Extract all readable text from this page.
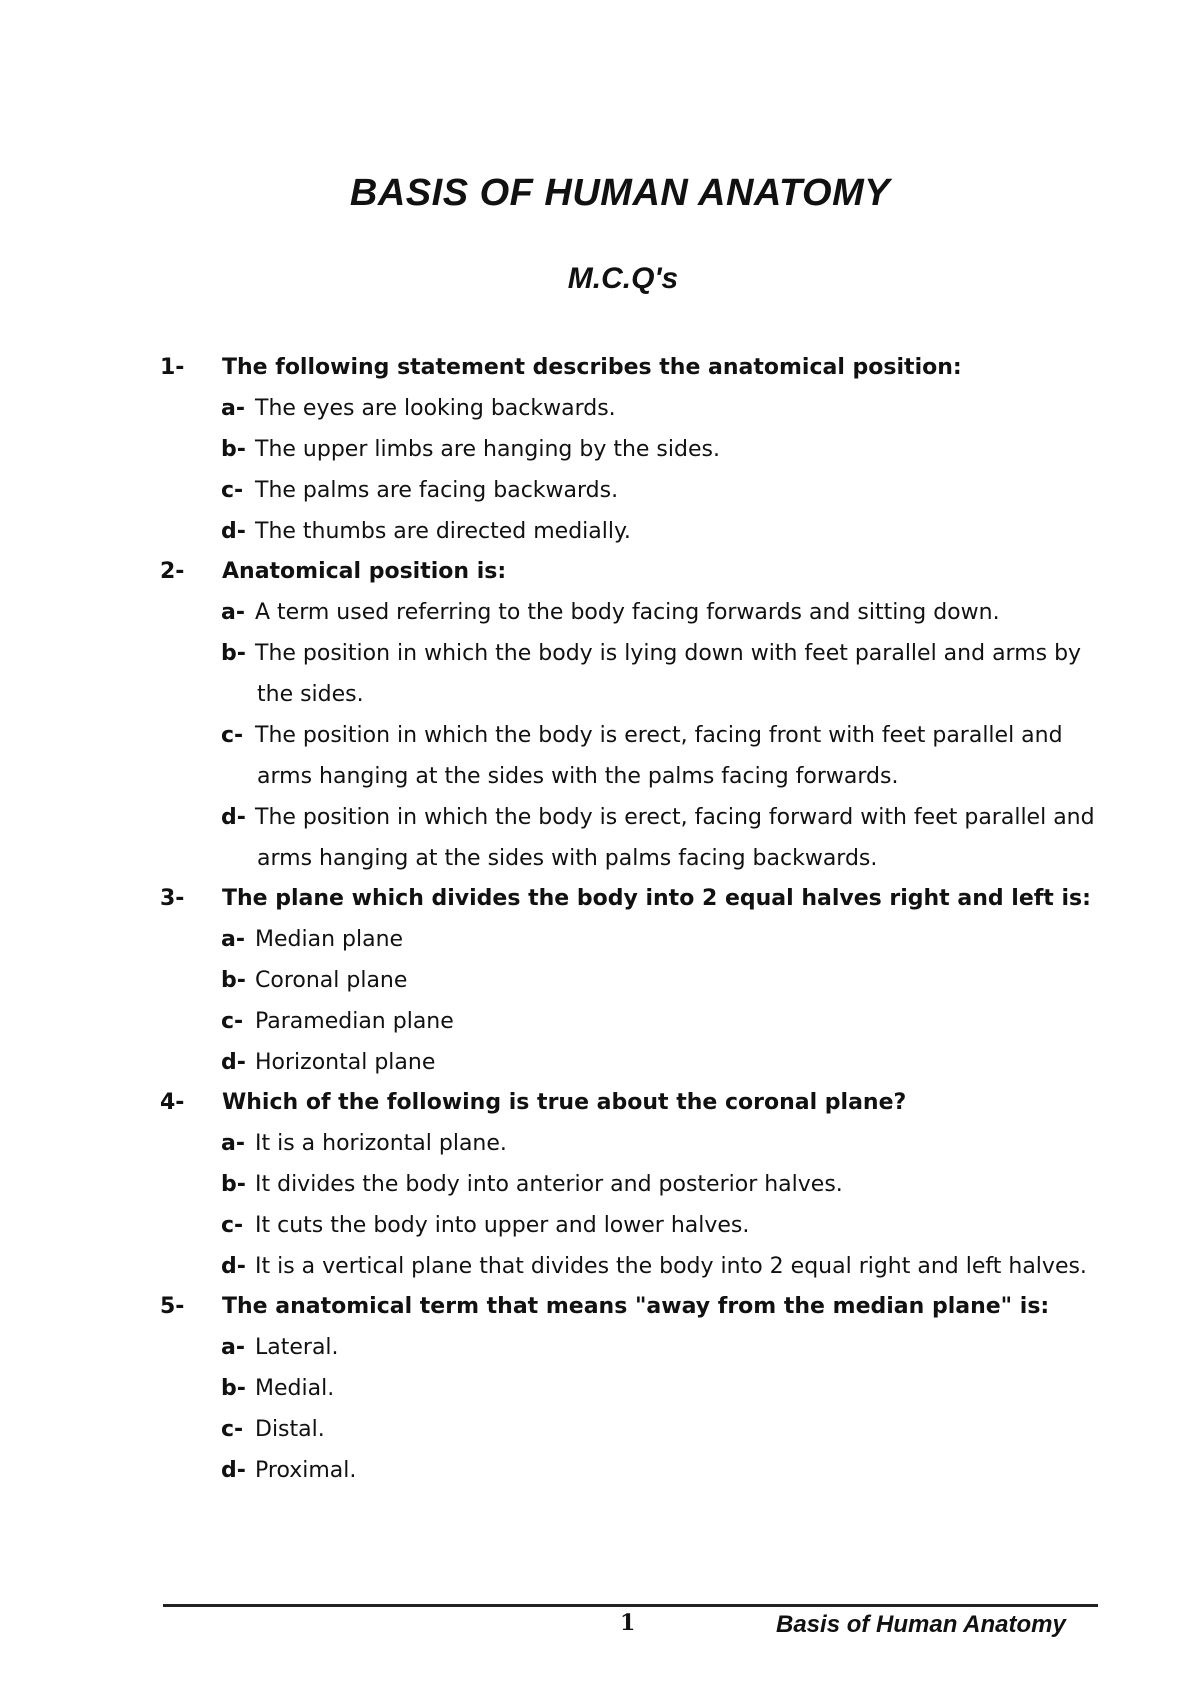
BASIS OF HUMAN ANATOMY
M.C.Q's
1- The following statement describes the anatomical position:
a- The eyes are looking backwards.
b- The upper limbs are hanging by the sides.
c- The palms are facing backwards.
d- The thumbs are directed medially.
2- Anatomical position is:
a- A term used referring to the body facing forwards and sitting down.
b- The position in which the body is lying down with feet parallel and arms by the sides.
c- The position in which the body is erect, facing front with feet parallel and arms hanging at the sides with the palms facing forwards.
d- The position in which the body is erect, facing forward with feet parallel and arms hanging at the sides with palms facing backwards.
3- The plane which divides the body into 2 equal halves right and left is:
a- Median plane
b- Coronal plane
c- Paramedian plane
d- Horizontal plane
4- Which of the following is true about the coronal plane?
a- It is a horizontal plane.
b- It divides the body into anterior and posterior halves.
c- It cuts the body into upper and lower halves.
d- It is a vertical plane that divides the body into 2 equal right and left halves.
5- The anatomical term that means "away from the median plane" is:
a- Lateral.
b- Medial.
c- Distal.
d- Proximal.
1	Basis of Human Anatomy
